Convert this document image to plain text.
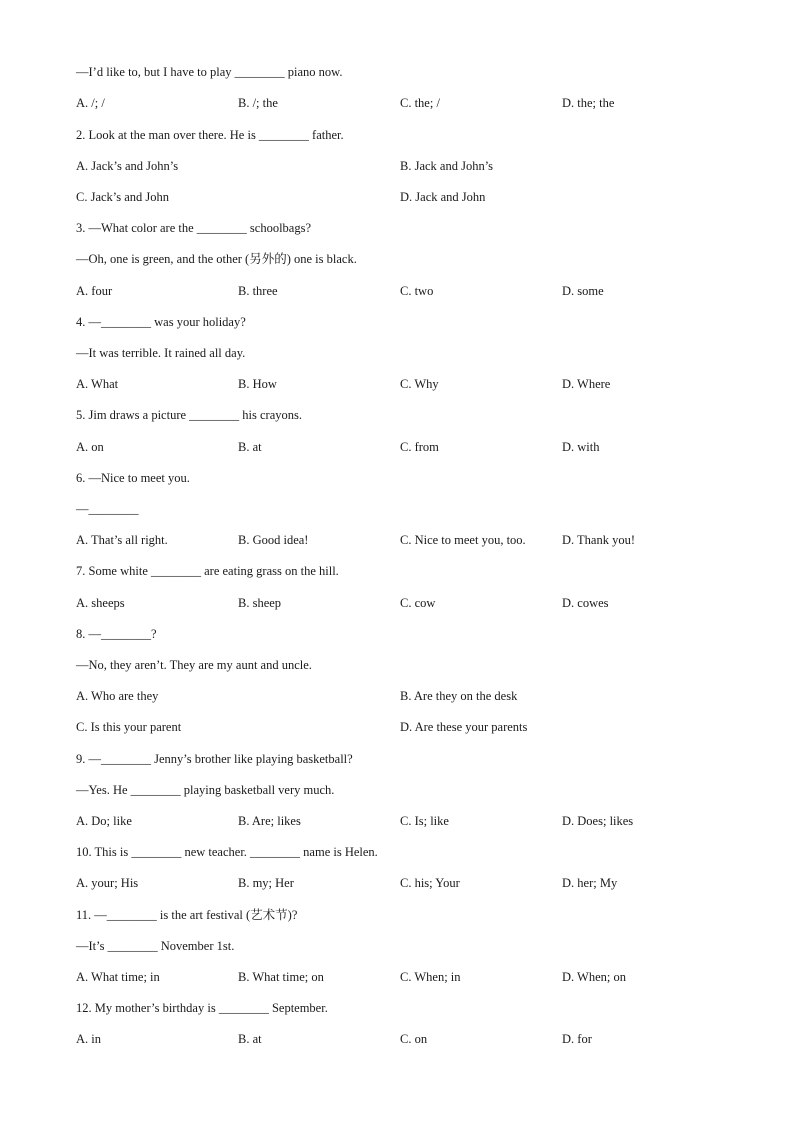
—I’d like to, but I have to play ________ piano now.
A. /; /	B. /; the	C. the; /	D. the; the
2. Look at the man over there. He is ________ father.
A. Jack’s and John’s	B. Jack and John’s
C. Jack’s and John	D. Jack and John
3. —What color are the ________ schoolbags?
—Oh, one is green, and the other (另外的) one is black.
A. four	B. three	C. two	D. some
4. —________ was your holiday?
—It was terrible. It rained all day.
A. What	B. How	C. Why	D. Where
5. Jim draws a picture ________ his crayons.
A. on	B. at	C. from	D. with
6. —Nice to meet you.
—________
A. That’s all right.	B. Good idea!	C. Nice to meet you, too.	D. Thank you!
7. Some white ________ are eating grass on the hill.
A. sheeps	B. sheep	C. cow	D. cowes
8. —________?
—No, they aren’t. They are my aunt and uncle.
A. Who are they	B. Are they on the desk
C. Is this your parent	D. Are these your parents
9. —________ Jenny’s brother like playing basketball?
—Yes. He ________ playing basketball very much.
A. Do; like	B. Are; likes	C. Is; like	D. Does; likes
10. This is ________ new teacher. ________ name is Helen.
A. your; His	B. my; Her	C. his; Your	D. her; My
11. —________ is the art festival (艺术节)?
—It’s ________ November 1st.
A. What time; in	B. What time; on	C. When; in	D. When; on
12. My mother’s birthday is ________ September.
A. in	B. at	C. on	D. for
